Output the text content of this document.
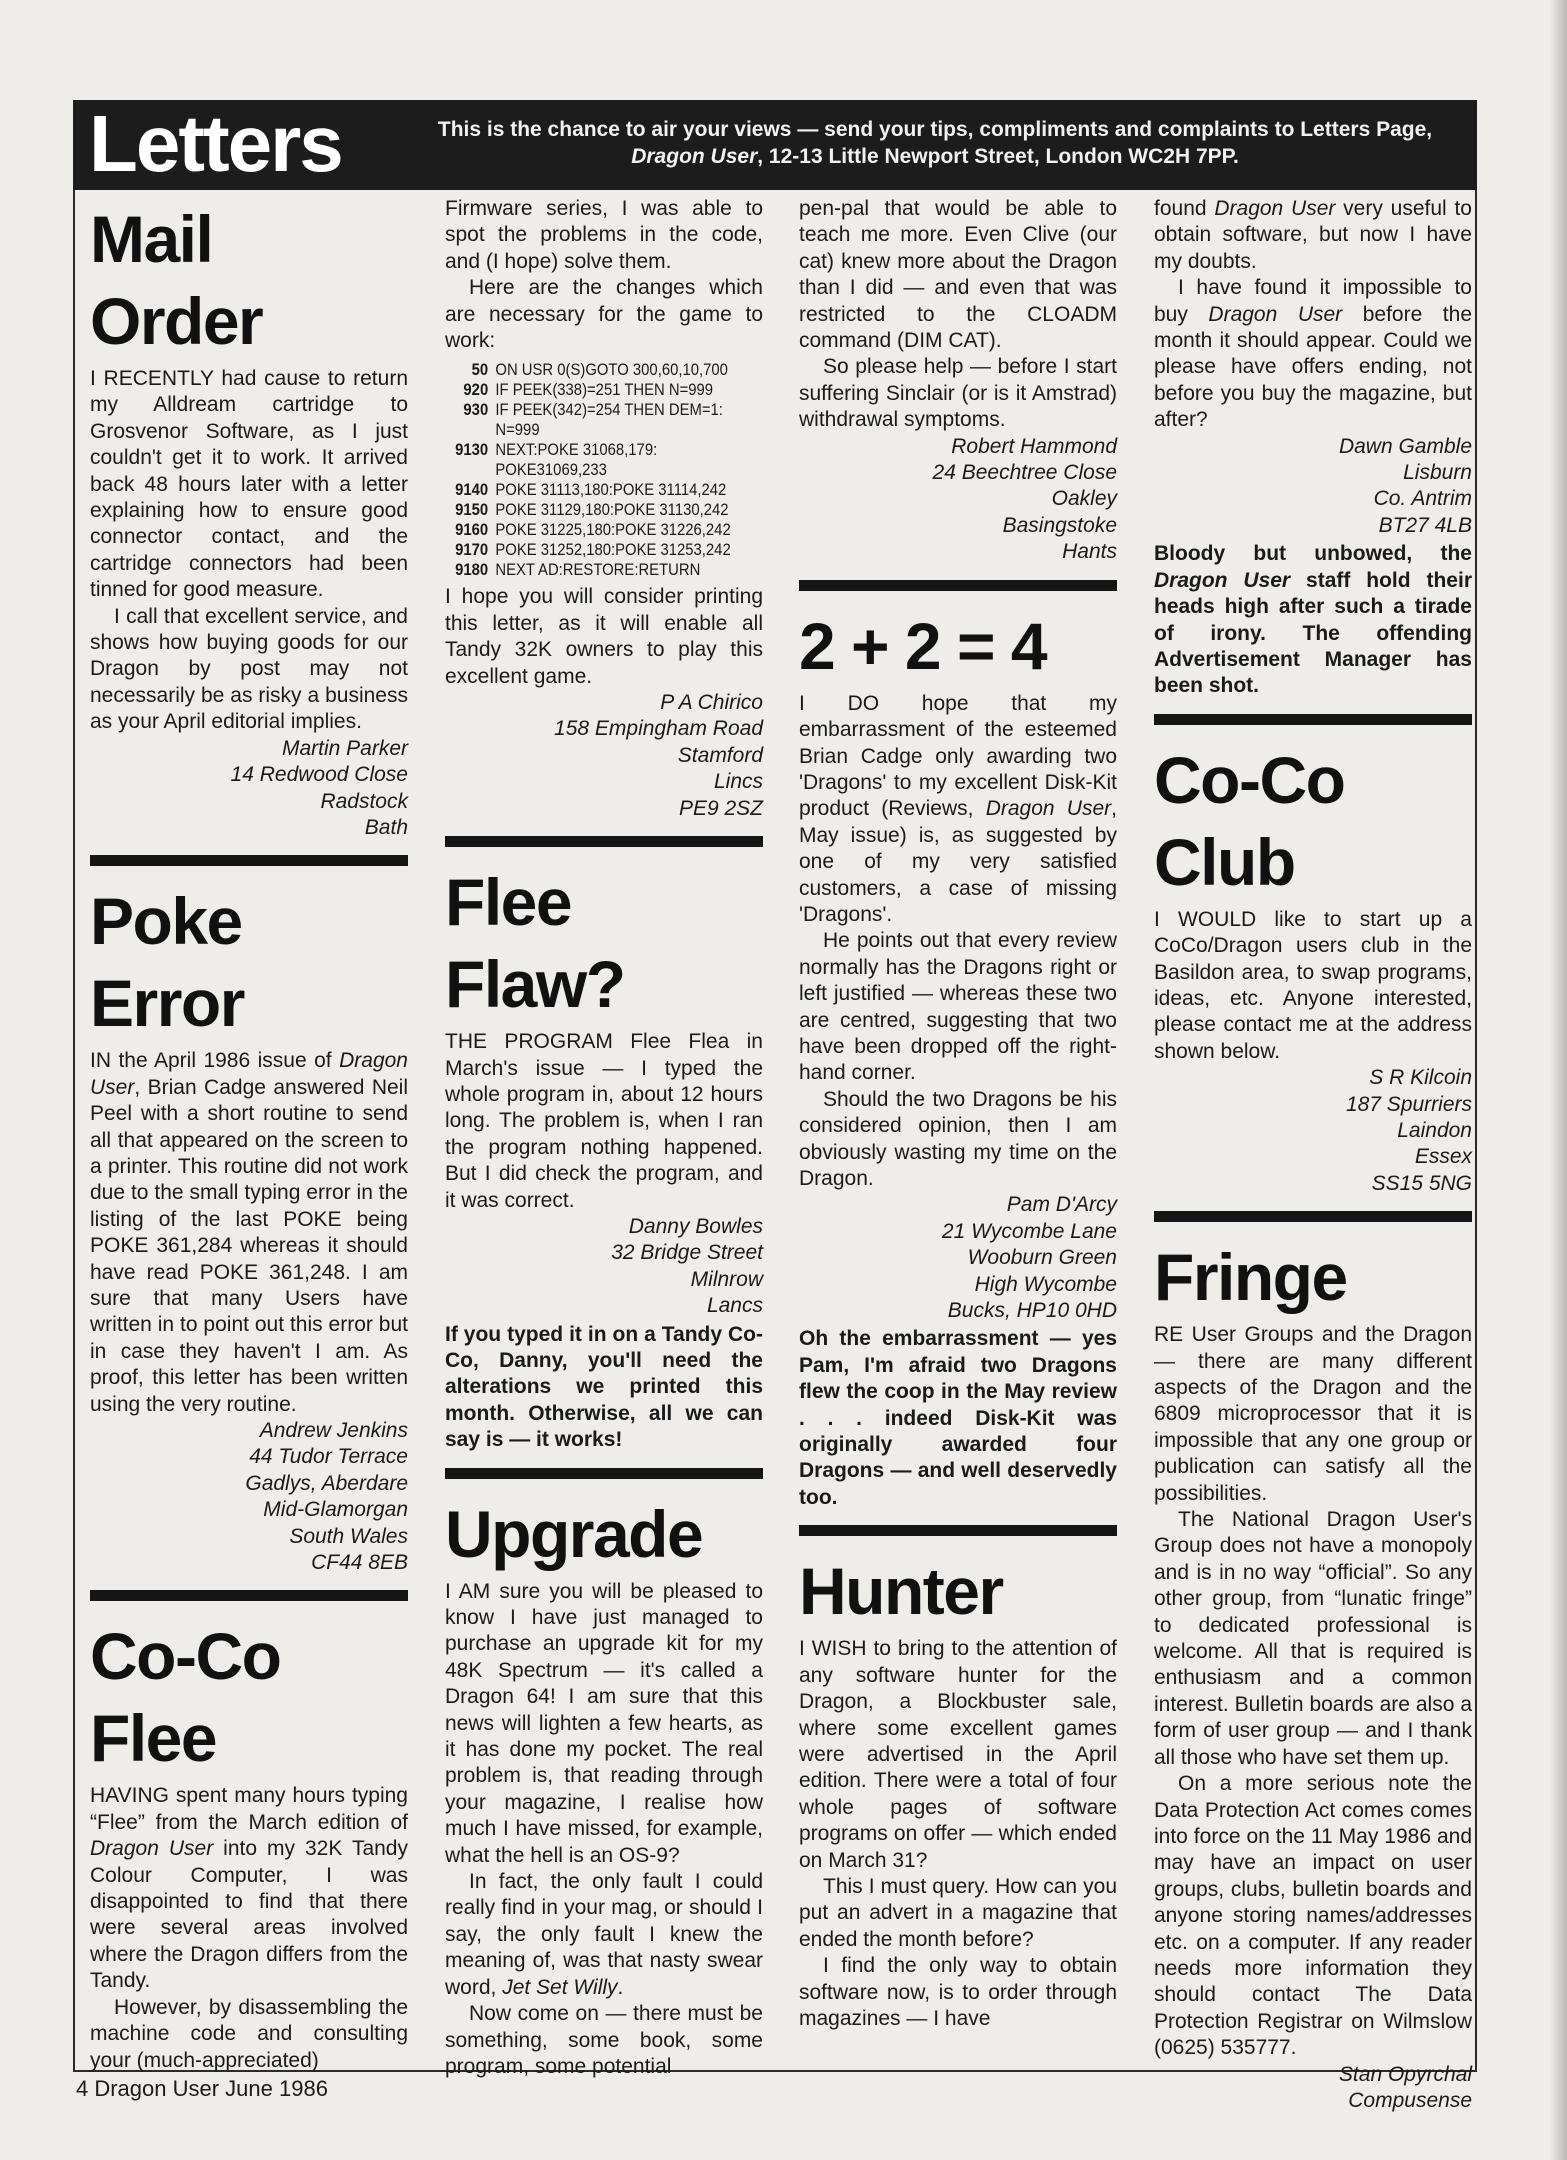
Letters	This is the chance to air your views — send your tips, compliments and complaints to Letters Page, Dragon User, 12-13 Little Newport Street, London WC2H 7PP.
Mail
Order

I RECENTLY had cause to return my Alldream cartridge to Grosvenor Software, as I just couldn't get it to work. It arrived back 48 hours later with a letter explaining how to ensure good connector contact, and the cartridge connectors had been tinned for good measure.

I call that excellent service, and shows how buying goods for our Dragon by post may not necessarily be as risky a business as your April editorial implies.

Martin Parker
14 Redwood Close
Radstock
Bath
Poke
Error

IN the April 1986 issue of Dragon User, Brian Cadge answered Neil Peel with a short routine to send all that appeared on the screen to a printer. This routine did not work due to the small typing error in the listing of the last POKE being POKE 361,284 whereas it should have read POKE 361,248. I am sure that many Users have written in to point out this error but in case they haven't I am. As proof, this letter has been written using the very routine.

Andrew Jenkins
44 Tudor Terrace
Gadlys, Aberdare
Mid-Glamorgan
South Wales
CF44 8EB
Co-Co
Flee

HAVING spent many hours typing “Flee” from the March edition of Dragon User into my 32K Tandy Colour Computer, I was disappointed to find that there were several areas involved where the Dragon differs from the Tandy.

However, by disassembling the machine code and consulting your (much-appreciated)

Firmware series, I was able to spot the problems in the code, and (I hope) solve them.

Here are the changes which are necessary for the game to work:

50 ON USR 0(S)GOTO 300,60,10,700
920 IF PEEK(338)=251 THEN N=999
930 IF PEEK(342)=254 THEN DEM=1:
N=999
9130 NEXT:POKE 31068,179:
POKE31069,233
9140 POKE 31113,180:POKE 31114,242
9150 POKE 31129,180:POKE 31130,242
9160 POKE 31225,180:POKE 31226,242
9170 POKE 31252,180:POKE 31253,242
9180 NEXT AD:RESTORE:RETURN

I hope you will consider printing this letter, as it will enable all Tandy 32K owners to play this excellent game.

P A Chirico
158 Empingham Road
Stamford
Lincs
PE9 2SZ
Flee
Flaw?

THE PROGRAM Flee Flea in March's issue — I typed the whole program in, about 12 hours long. The problem is, when I ran the program nothing happened. But I did check the program, and it was correct.

Danny Bowles
32 Bridge Street
Milnrow
Lancs

If you typed it in on a Tandy Co-Co, Danny, you'll need the alterations we printed this month. Otherwise, all we can say is — it works!

Upgrade

I AM sure you will be pleased to know I have just managed to purchase an upgrade kit for my 48K Spectrum — it's called a Dragon 64! I am sure that this news will lighten a few hearts, as it has done my pocket. The real problem is, that reading through your magazine, I realise how much I have missed, for example, what the hell is an OS-9?

In fact, the only fault I could really find in your mag, or should I say, the only fault I knew the meaning of, was that nasty swear word, Jet Set Willy.

Now come on — there must be something, some book, some program, some potential

pen-pal that would be able to teach me more. Even Clive (our cat) knew more about the Dragon than I did — and even that was restricted to the CLOADM command (DIM CAT).

So please help — before I start suffering Sinclair (or is it Amstrad) withdrawal symptoms.

Robert Hammond
24 Beechtree Close
Oakley
Basingstoke
Hants
2 + 2 = 4

I DO hope that my embarrassment of the esteemed Brian Cadge only awarding two 'Dragons' to my excellent Disk-Kit product (Reviews, Dragon User, May issue) is, as suggested by one of my very satisfied customers, a case of missing 'Dragons'.

He points out that every review normally has the Dragons right or left justified — whereas these two are centred, suggesting that two have been dropped off the right-hand corner.

Should the two Dragons be his considered opinion, then I am obviously wasting my time on the Dragon.

Pam D'Arcy
21 Wycombe Lane
Wooburn Green
High Wycombe
Bucks, HP10 0HD

Oh the embarrassment — yes Pam, I'm afraid two Dragons flew the coop in the May review . . . indeed Disk-Kit was originally awarded four Dragons — and well deservedly too.

Hunter

I WISH to bring to the attention of any software hunter for the Dragon, a Blockbuster sale, where some excellent games were advertised in the April edition. There were a total of four whole pages of software programs on offer — which ended on March 31?

This I must query. How can you put an advert in a magazine that ended the month before?

I find the only way to obtain software now, is to order through magazines — I have

found Dragon User very useful to obtain software, but now I have my doubts.

I have found it impossible to buy Dragon User before the month it should appear. Could we please have offers ending, not before you buy the magazine, but after?

Dawn Gamble
Lisburn
Co. Antrim
BT27 4LB

Bloody but unbowed, the Dragon User staff hold their heads high after such a tirade of irony. The offending Advertisement Manager has been shot.

Co-Co
Club

I WOULD like to start up a CoCo/Dragon users club in the Basildon area, to swap programs, ideas, etc. Anyone interested, please contact me at the address shown below.

S R Kilcoin
187 Spurriers
Laindon
Essex
SS15 5NG
Fringe

RE User Groups and the Dragon — there are many different aspects of the Dragon and the 6809 microprocessor that it is impossible that any one group or publication can satisfy all the possibilities.

The National Dragon User's Group does not have a monopoly and is in no way “official”. So any other group, from “lunatic fringe” to dedicated professional is welcome. All that is required is enthusiasm and a common interest. Bulletin boards are also a form of user group — and I thank all those who have set them up.

On a more serious note the Data Protection Act comes comes into force on the 11 May 1986 and may have an impact on user groups, clubs, bulletin boards and anyone storing names/addresses etc. on a computer. If any reader needs more information they should contact The Data Protection Registrar on Wilmslow (0625) 535777.

Stan Opyrchal
Compusense
4 Dragon User June 1986
